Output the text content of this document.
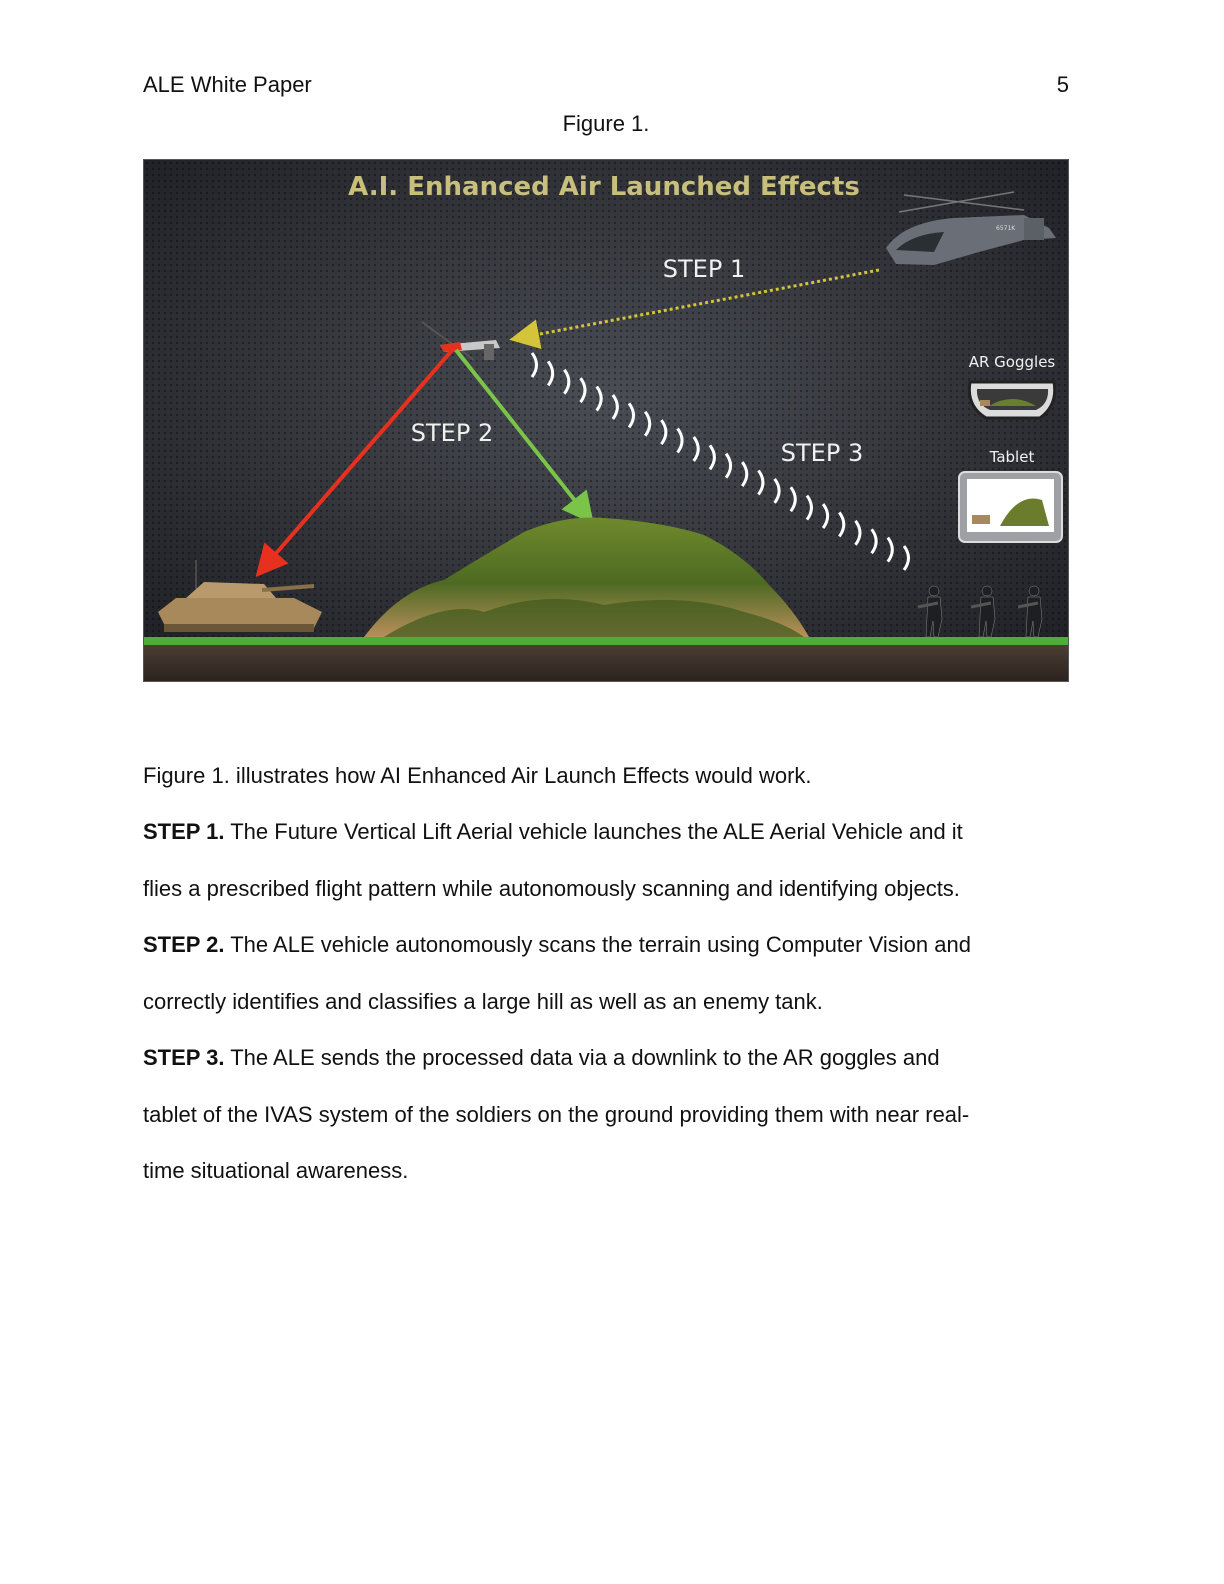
ALE White Paper	5
Figure 1.
A.I. Enhanced Air Launched Effects
6571K
STEP 1
STEP 2
STEP 3
AR Goggles
Tablet

Figure 1. illustrates how AI Enhanced Air Launch Effects would work.

STEP 1. The Future Vertical Lift Aerial vehicle launches the ALE Aerial Vehicle and it

flies a prescribed flight pattern while autonomously scanning and identifying objects.

STEP 2. The ALE vehicle autonomously scans the terrain using Computer Vision and

correctly identifies and classifies a large hill as well as an enemy tank.

STEP 3. The ALE sends the processed data via a downlink to the AR goggles and

tablet of the IVAS system of the soldiers on the ground providing them with near real-

time situational awareness.
